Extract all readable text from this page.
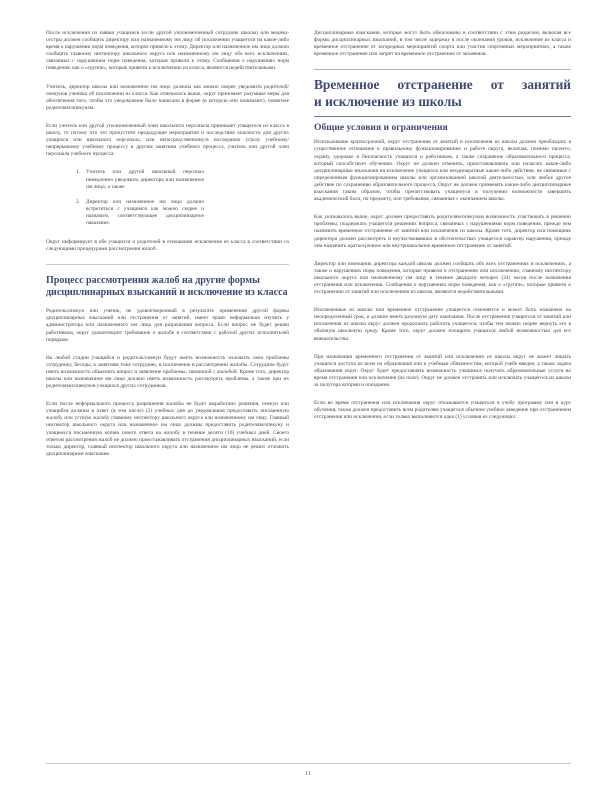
После исключения из заявки учащимся (если другой уполномоченный сотрудник школы) или медико-сестры должен сообщить директору или назначенному им лицу об исключении учащегося на какое-либо время о нарушении норм поведения, которое привело к этому. Директор или назначенное им лицо должно сообщить главному инспектору школьного округа или назначенному им лицу обо всех исключениях, связанных с нарушением норм поведения, которые привели к этому. Сообщения о нарушениях норм поведения, как о «группе», которые привели к исключению из класса, являются недействительными.

Учитель, директор школы или назначенное им лицо должны как можно скорее уведомить родителей/опекунов ученика об исключении из класса. Как отмечалось выше, округ принимает разумные меры для обеспечения того, чтобы это уведомление было написано в форме (в которую они понимают), понятное родителям/опекунам.

Если учитель или другой уполномоченный член школьного персонала принимает учащегося из класса в школу, то потому что это пропустите предыдущие мероприятия и последствия опасности для других учащихся или школьного персонала, или непосредственному/в последнюю угрозу учебному/ непрерывному учебному процессу в другим занятиям учебного процесса, учитель или другой член персонала учебного процесса:

1.	Учитель или другой школьный персонал немедленно уведомить директора или назначенное им лицо; а также
2.	Директор или назначенное им лицо должно встретиться с учащимся как можно скорее и назначить соответствующее дисциплинарное наказание.

Округ информирует в обе учащихся и родителей в отношении исключения из класса в соответствии со следующими процедурами рассмотрения жалоб.

Процесс рассмотрения жалоб на другие формы дисциплинарных взысканий и исключение из класса

Родитель/опекун или ученик, не удовлетворенный в результате применения другой формы дисциплинарных взысканий или отстранения от занятий, имеет право неформально изучить у администратора или назначенного им лица для разрешения вопроса. Если вопрос не будет решен работником, округ удовлетворит требование о жалобе в соответствии с работой других исполнителей порядком.

На любой стадии учащийся и родитель/опекун будут иметь возможность изложить свои проблемы сотруднику, беседы, к занятиям тоже сотрудник, в исключение в рассмотрении жалобы. Сотрудник будут иметь возможность объяснить вопрос и заявление проблемы, связанной с жалобой. Кроме того, директор школы или назначенное им лицо должно иметь возможность рассмотреть проблемы, а также при их родителями/опекунов учащихся других сотрудников.

Если после неформального процесса разрешения жалобы не будет выработано решения, опекун или учащийся должны в ответ (в том числе) (2) учебных дня до уведомления предоставить письменную жалобу или устную жалобу главному инспектору школьного округа или назначенному им лицу. Главный инспектор школьного округа или назначенное им лицо должны предоставить родителям/опекуну и учащемуся письменную копию своего ответа на жалобу в течение десяти (10) учебных дней. Своего ответом рассмотрения жалоб не должно приостанавливать отстранения дисциплинарных взысканий, если только директор, главный инспектор школьного округа или назначенное им лицо не решит отложить дисциплинарное взыскание.

Дисциплинарные взыскания, которые могут быть обжалованы в соответствии с этим разделом, включая все формы дисциплинарных взысканий, в том числе задержку в после окончания уроков, исключение из класса и временное отстранение от загородных мероприятий спорта или участия спортивных мероприятиях, а также временное отстранение или запрет на временное отстранение от экзаменов.

Временное отстранение от занятий
и исключение из школы
Общие условия и ограничения

Использование краткосрочной, округ отстранения от занятий и исключения из школы должно преобладать в существенное отношение к правильному функционированию и работе округа, включая, помимо прочего, охрану, здоровье и безопасность учащихся и работников, а также сохранение образовательного процесса, который способствует обучению. Округ не должен отменять, приостанавливать или налагать какие-либо дисциплинарные взыскания на исключение учащихся или неоднократные какие-либо действия, не связанные с определенным функционированием школы или организованной школой деятельностью, или любое другое действие по сохранению образовательного процесса. Округ не должен применять какие-либо дисциплинарные взыскания таким образом, чтобы препятствовать учащемуся в получении возможности завершить академический балл, по предмету, или требования, связанные с окончанием школы.

Как указывалось выше, округ должен предоставить родителям/опекунам возможность участвовать в решении проблемы, поддержать учащегося решениях вопроса, связанных с нарушениями норм поведения, прежде чем назначить временное отстранение от занятий или исключение из школы. Кроме того, директор или помощник директора должен рассмотреть и неучаствовавших в обстоятельствах учащегося характер нарушения, прежде чем назначить краткосрочное или внутришкольное временное отстранение от занятий.

Директор или помощник директора каждой школы должен сообщать обо всех отстранениях и исключениях, а также о нарушениях норм поведения, которые привели к отстранению или исключению, главному инспектору школьного округа или назначенному им лицу в течение двадцати четырех (24) часов после назначения отстранения или исключения. Сообщения о нарушениях норм поведения, как о «группе», которые привели к отстранению от занятий или исключению из школы, являются недействительными.

Исключенные из школы или временное отстранение учащегося отменяется и может быть назначено на неопределенный срок, и должно иметь разумную дату окончания. После отстранения учащегося от занятий или исключения из школы округ должен продолжать работать учащегося, чтобы тем можно скорее вернуть его в обычную школьную среду. Кроме того, округ должен поощрять учащихся любой возможностью для его вмешательства.

При назначении временного отстранения от занятий или исключения из школы округ не может лишать учащихся доступа ко всем на образования или к учебным обязанностям, которой учебе введен, а также задача образования округ. Округ будет предоставлять возможность учащимся получать образовательные услуги во время отстранения или исключения (на поле). Округ не должен отстранять или исключать учащегося из школы за полутора шторми и опоздания.

Если во время отстранения или исключения округ отказывается учащегося в учебу программу или в курс обучения, также должен предоставить всем родителям учащегося обычное учебное заведение при отстранением отстранения или исключения, если только выполняются одна (1) условия из следующих:

11
